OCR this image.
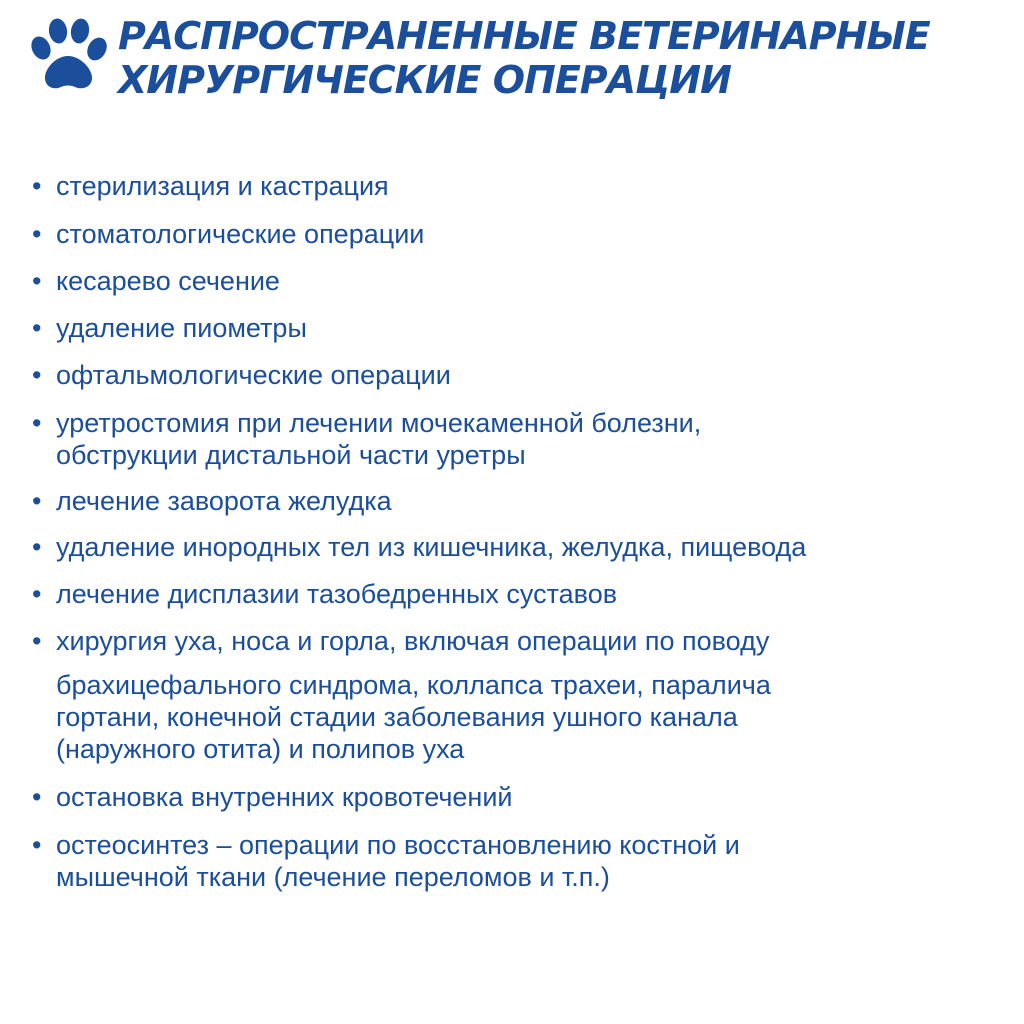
РАСПРОСТРАНЕННЫЕ ВЕТЕРИНАРНЫЕ
ХИРУРГИЧЕСКИЕ ОПЕРАЦИИ
• стерилизация и кастрация
• стоматологические операции
• кесарево сечение
• удаление пиометры
• офтальмологические операции
• уретростомия при лечении мочекаменной болезни,
обструкции дистальной части уретры
• лечение заворота желудка
• удаление инородных тел из кишечника, желудка, пищевода
• лечение дисплазии тазобедренных суставов
• хирургия уха, носа и горла, включая операции по поводу
брахицефального синдрома, коллапса трахеи, паралича
гортани, конечной стадии заболевания ушного канала
(наружного отита) и полипов уха
• остановка внутренних кровотечений
• остеосинтез – операции по восстановлению костной и
мышечной ткани (лечение переломов и т.п.)
